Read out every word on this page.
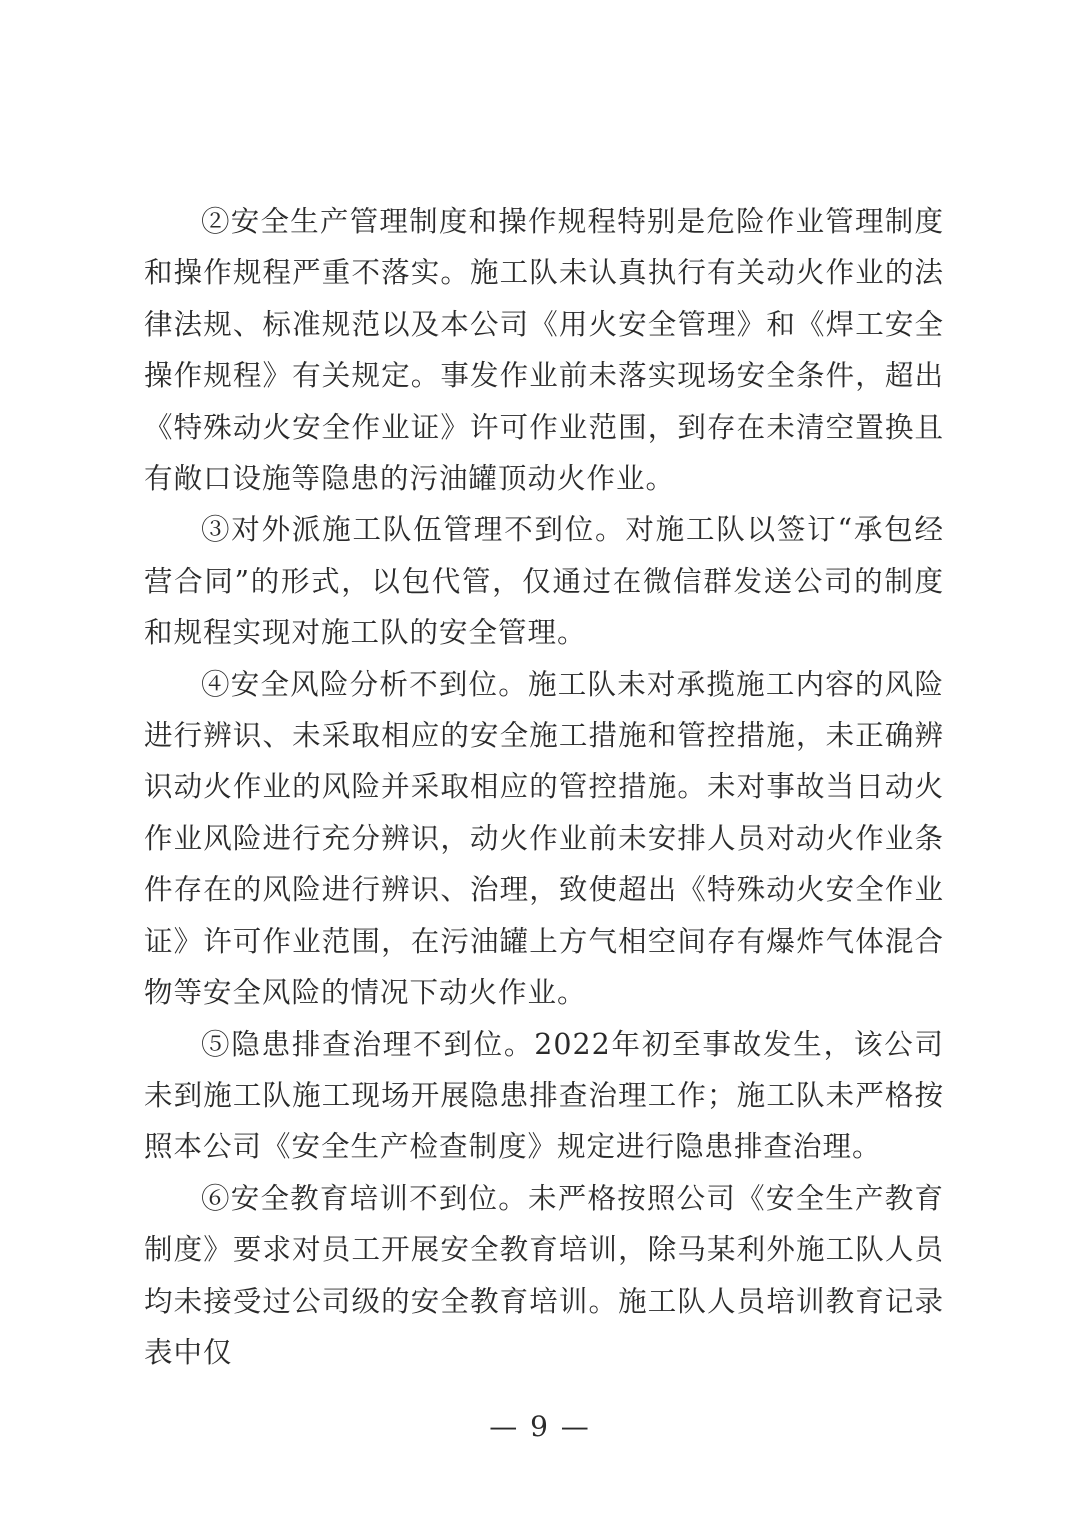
②安全生产管理制度和操作规程特别是危险作业管理制度和操作规程严重不落实。施工队未认真执行有关动火作业的法律法规、标准规范以及本公司《用火安全管理》和《焊工安全操作规程》有关规定。事发作业前未落实现场安全条件，超出《特殊动火安全作业证》许可作业范围，到存在未清空置换且有敞口设施等隐患的污油罐顶动火作业。

③对外派施工队伍管理不到位。对施工队以签订“承包经营合同”的形式，以包代管，仅通过在微信群发送公司的制度和规程实现对施工队的安全管理。

④安全风险分析不到位。施工队未对承揽施工内容的风险进行辨识、未采取相应的安全施工措施和管控措施，未正确辨识动火作业的风险并采取相应的管控措施。未对事故当日动火作业风险进行充分辨识，动火作业前未安排人员对动火作业条件存在的风险进行辨识、治理，致使超出《特殊动火安全作业证》许可作业范围，在污油罐上方气相空间存有爆炸气体混合物等安全风险的情况下动火作业。

⑤隐患排查治理不到位。2022年初至事故发生，该公司未到施工队施工现场开展隐患排查治理工作；施工队未严格按照本公司《安全生产检查制度》规定进行隐患排查治理。

⑥安全教育培训不到位。未严格按照公司《安全生产教育制度》要求对员工开展安全教育培训，除马某利外施工队人员均未接受过公司级的安全教育培训。施工队人员培训教育记录表中仅

— 9 —
